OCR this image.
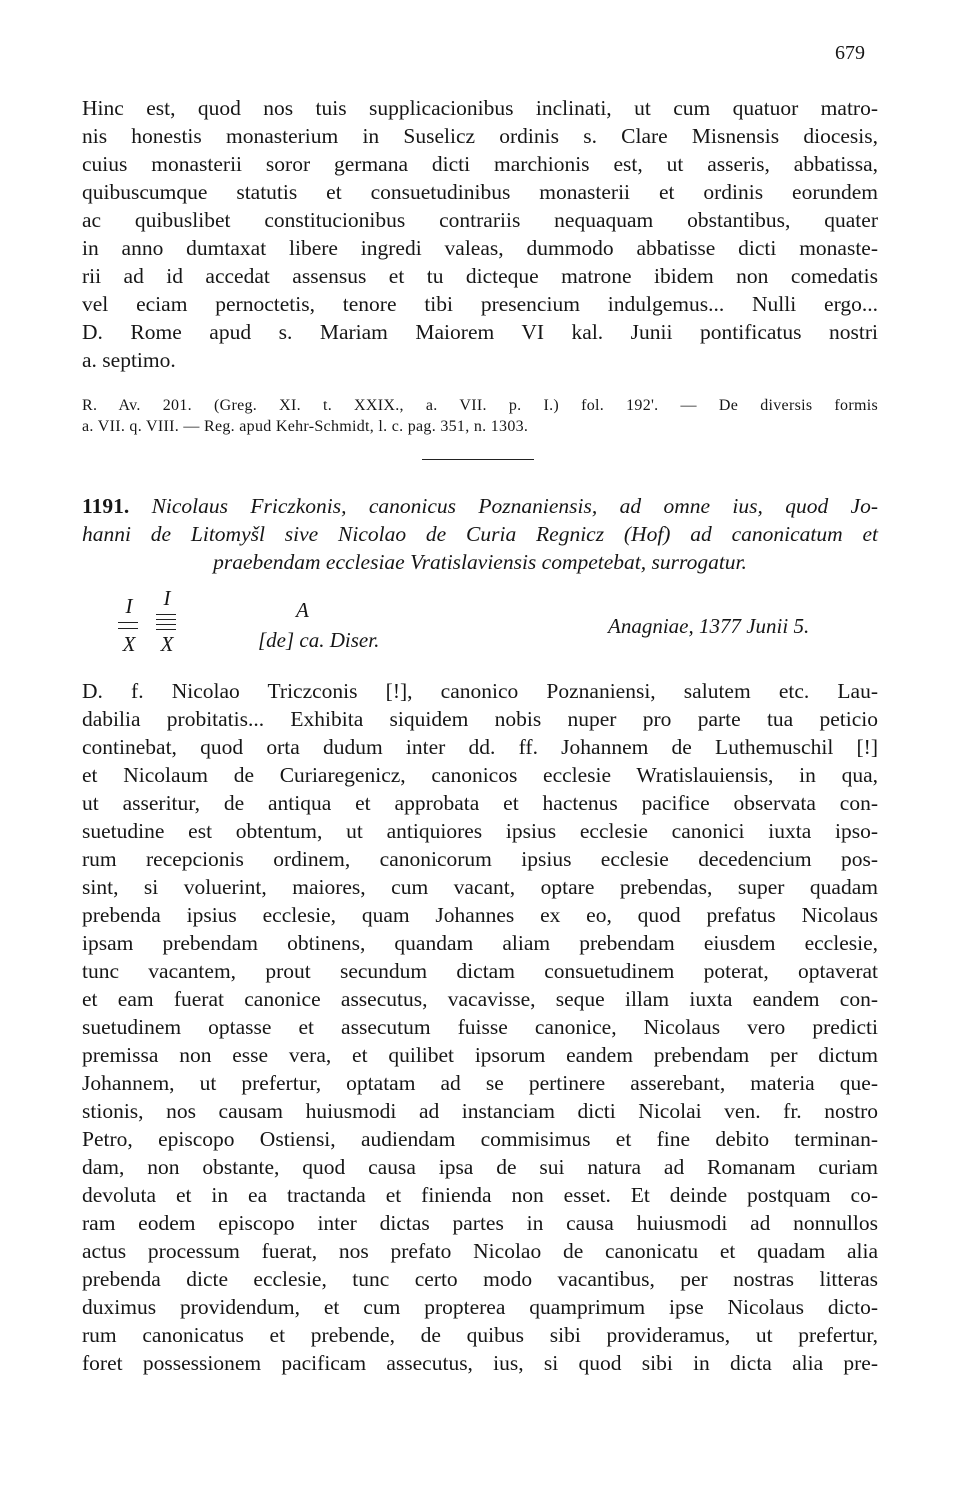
679
Hinc est, quod nos tuis supplicacionibus inclinati, ut cum quatuor matro-
nis honestis monasterium in Suselicz ordinis s. Clare Misnensis diocesis,
cuius monasterii soror germana dicti marchionis est, ut asseris, abbatissa,
quibuscumque statutis et consuetudinibus monasterii et ordinis eorundem
ac quibuslibet constitucionibus contrariis nequaquam obstantibus, quater
in anno dumtaxat libere ingredi valeas, dummodo abbatisse dicti monaste-
rii ad id accedat assensus et tu dicteque matrone ibidem non comedatis
vel eciam pernoctetis, tenore tibi presencium indulgemus... Nulli ergo...
D. Rome apud s. Mariam Maiorem VI kal. Junii pontificatus nostri
a. septimo.
R. Av. 201. (Greg. XI. t. XXIX., a. VII. p. I.) fol. 192'. — De diversis formis
a. VII. q. VIII. — Reg. apud Kehr-Schmidt, l. c. pag. 351, n. 1303.
1191. Nicolaus Friczkonis, canonicus Poznaniensis, ad omne ius, quod Jo-
hanni de Litomyšl sive Nicolao de Curia Regnicz (Hof) ad canonicatum et
praebendam ecclesiae Vratislaviensis competebat, surrogatur.
I
X
I
X
A
[de] ca. Diser.
Anagniae, 1377 Junii 5.
D. f. Nicolao Triczconis [!], canonico Poznaniensi, salutem etc. Lau-
dabilia probitatis... Exhibita siquidem nobis nuper pro parte tua peticio
continebat, quod orta dudum inter dd. ff. Johannem de Luthemuschil [!]
et Nicolaum de Curiaregenicz, canonicos ecclesie Wratislauiensis, in qua,
ut asseritur, de antiqua et approbata et hactenus pacifice observata con-
suetudine est obtentum, ut antiquiores ipsius ecclesie canonici iuxta ipso-
rum recepcionis ordinem, canonicorum ipsius ecclesie decedencium pos-
sint, si voluerint, maiores, cum vacant, optare prebendas, super quadam
prebenda ipsius ecclesie, quam Johannes ex eo, quod prefatus Nicolaus
ipsam prebendam obtinens, quandam aliam prebendam eiusdem ecclesie,
tunc vacantem, prout secundum dictam consuetudinem poterat, optaverat
et eam fuerat canonice assecutus, vacavisse, seque illam iuxta eandem con-
suetudinem optasse et assecutum fuisse canonice, Nicolaus vero predicti
premissa non esse vera, et quilibet ipsorum eandem prebendam per dictum
Johannem, ut prefertur, optatam ad se pertinere asserebant, materia que-
stionis, nos causam huiusmodi ad instanciam dicti Nicolai ven. fr. nostro
Petro, episcopo Ostiensi, audiendam commisimus et fine debito terminan-
dam, non obstante, quod causa ipsa de sui natura ad Romanam curiam
devoluta et in ea tractanda et finienda non esset. Et deinde postquam co-
ram eodem episcopo inter dictas partes in causa huiusmodi ad nonnullos
actus processum fuerat, nos prefato Nicolao de canonicatu et quadam alia
prebenda dicte ecclesie, tunc certo modo vacantibus, per nostras litteras
duximus providendum, et cum propterea quamprimum ipse Nicolaus dicto-
rum canonicatus et prebende, de quibus sibi provideramus, ut prefertur,
foret possessionem pacificam assecutus, ius, si quod sibi in dicta alia pre-
